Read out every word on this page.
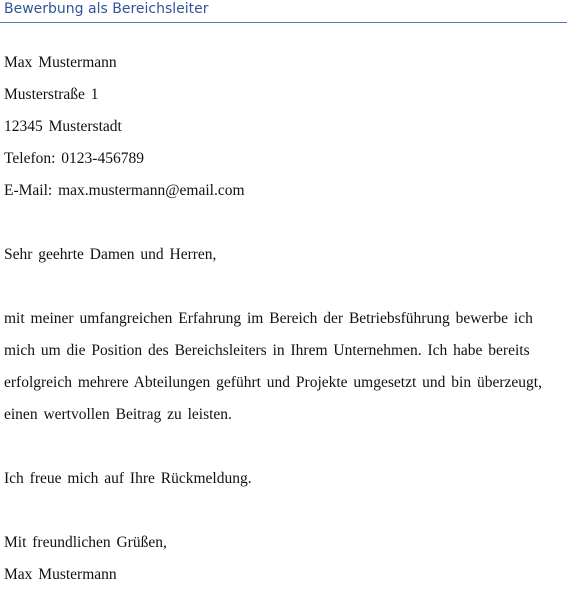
Bewerbung als Bereichsleiter
Max Mustermann
Musterstraße 1
12345 Musterstadt
Telefon: 0123-456789
E-Mail: max.mustermann@email.com
Sehr geehrte Damen und Herren,
mit meiner umfangreichen Erfahrung im Bereich der Betriebsführung bewerbe ich
mich um die Position des Bereichsleiters in Ihrem Unternehmen. Ich habe bereits
erfolgreich mehrere Abteilungen geführt und Projekte umgesetzt und bin überzeugt,
einen wertvollen Beitrag zu leisten.
Ich freue mich auf Ihre Rückmeldung.
Mit freundlichen Grüßen,
Max Mustermann
